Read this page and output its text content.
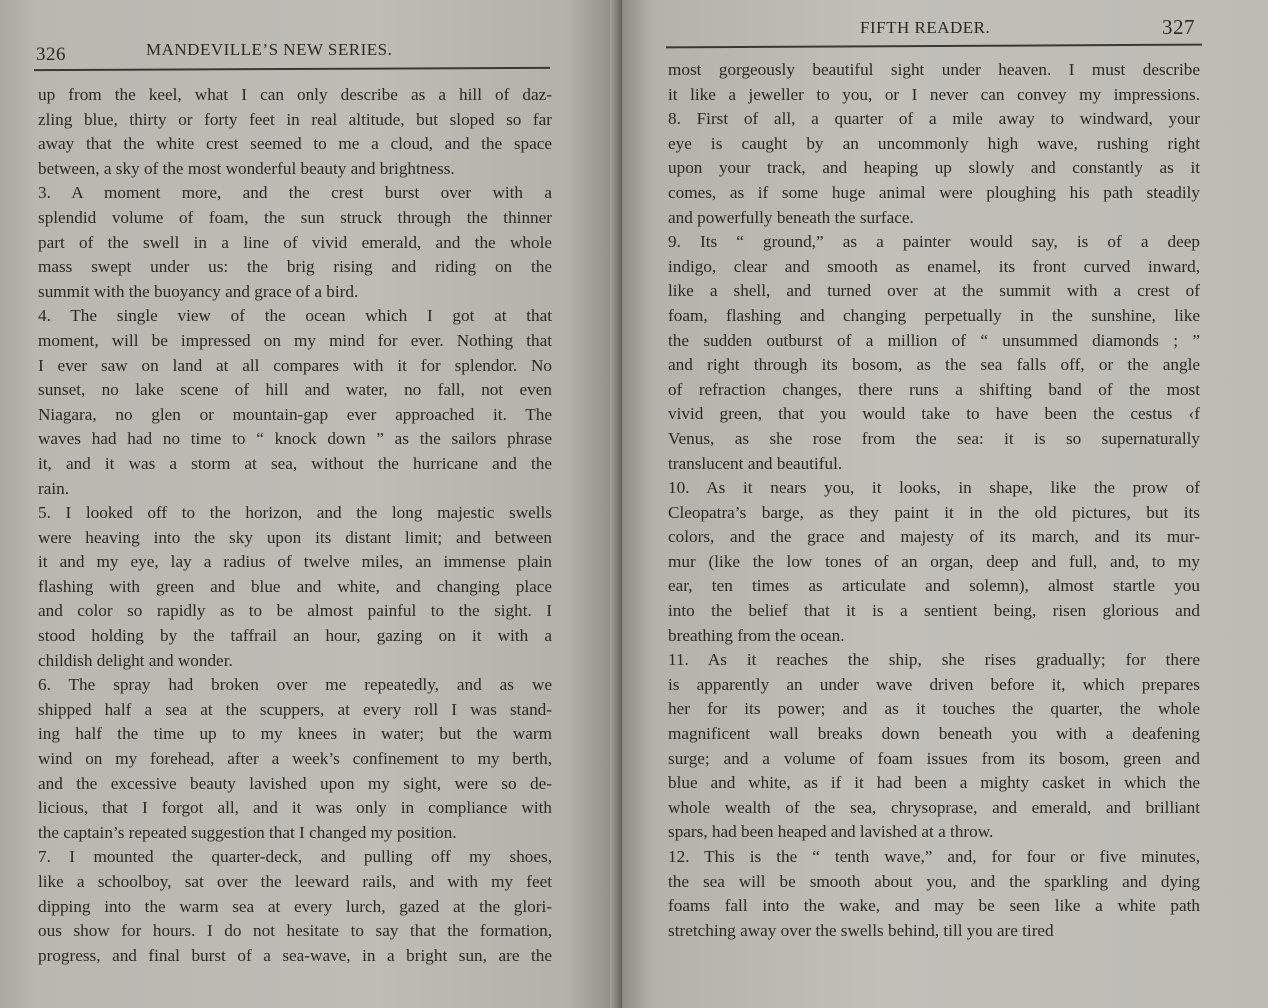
326	MANDEVILLE’S NEW SERIES.
up from the keel, what I can only describe as a hill of daz-
zling blue, thirty or forty feet in real altitude, but sloped so far
away that the white crest seemed to me a cloud, and the space
between, a sky of the most wonderful beauty and brightness.
3. A moment more, and the crest burst over with a
splendid volume of foam, the sun struck through the thinner
part of the swell in a line of vivid emerald, and the whole
mass swept under us: the brig rising and riding on the
summit with the buoyancy and grace of a bird.
4. The single view of the ocean which I got at that
moment, will be impressed on my mind for ever. Nothing that
I ever saw on land at all compares with it for splendor. No
sunset, no lake scene of hill and water, no fall, not even
Niagara, no glen or mountain-gap ever approached it. The
waves had had no time to “ knock down ” as the sailors phrase
it, and it was a storm at sea, without the hurricane and the
rain.
5. I looked off to the horizon, and the long majestic swells
were heaving into the sky upon its distant limit; and between
it and my eye, lay a radius of twelve miles, an immense plain
flashing with green and blue and white, and changing place
and color so rapidly as to be almost painful to the sight. I
stood holding by the taffrail an hour, gazing on it with a
childish delight and wonder.
6. The spray had broken over me repeatedly, and as we
shipped half a sea at the scuppers, at every roll I was stand-
ing half the time up to my knees in water; but the warm
wind on my forehead, after a week’s confinement to my berth,
and the excessive beauty lavished upon my sight, were so de-
licious, that I forgot all, and it was only in compliance with
the captain’s repeated suggestion that I changed my position.
7. I mounted the quarter-deck, and pulling off my shoes,
like a schoolboy, sat over the leeward rails, and with my feet
dipping into the warm sea at every lurch, gazed at the glori-
ous show for hours. I do not hesitate to say that the formation,
progress, and final burst of a sea-wave, in a bright sun, are the
FIFTH READER.	327
most gorgeously beautiful sight under heaven. I must describe
it like a jeweller to you, or I never can convey my impressions.
8. First of all, a quarter of a mile away to windward, your
eye is caught by an uncommonly high wave, rushing right
upon your track, and heaping up slowly and constantly as it
comes, as if some huge animal were ploughing his path steadily
and powerfully beneath the surface.
9. Its “ ground,” as a painter would say, is of a deep
indigo, clear and smooth as enamel, its front curved inward,
like a shell, and turned over at the summit with a crest of
foam, flashing and changing perpetually in the sunshine, like
the sudden outburst of a million of “ unsummed diamonds ; ”
and right through its bosom, as the sea falls off, or the angle
of refraction changes, there runs a shifting band of the most
vivid green, that you would take to have been the cestus ‹f
Venus, as she rose from the sea: it is so supernaturally
translucent and beautiful.
10. As it nears you, it looks, in shape, like the prow of
Cleopatra’s barge, as they paint it in the old pictures, but its
colors, and the grace and majesty of its march, and its mur-
mur (like the low tones of an organ, deep and full, and, to my
ear, ten times as articulate and solemn), almost startle you
into the belief that it is a sentient being, risen glorious and
breathing from the ocean.
11. As it reaches the ship, she rises gradually; for there
is apparently an under wave driven before it, which prepares
her for its power; and as it touches the quarter, the whole
magnificent wall breaks down beneath you with a deafening
surge; and a volume of foam issues from its bosom, green and
blue and white, as if it had been a mighty casket in which the
whole wealth of the sea, chrysoprase, and emerald, and brilliant
spars, had been heaped and lavished at a throw.
12. This is the “ tenth wave,” and, for four or five minutes,
the sea will be smooth about you, and the sparkling and dying
foams fall into the wake, and may be seen like a white path
stretching away over the swells behind, till you are tired
